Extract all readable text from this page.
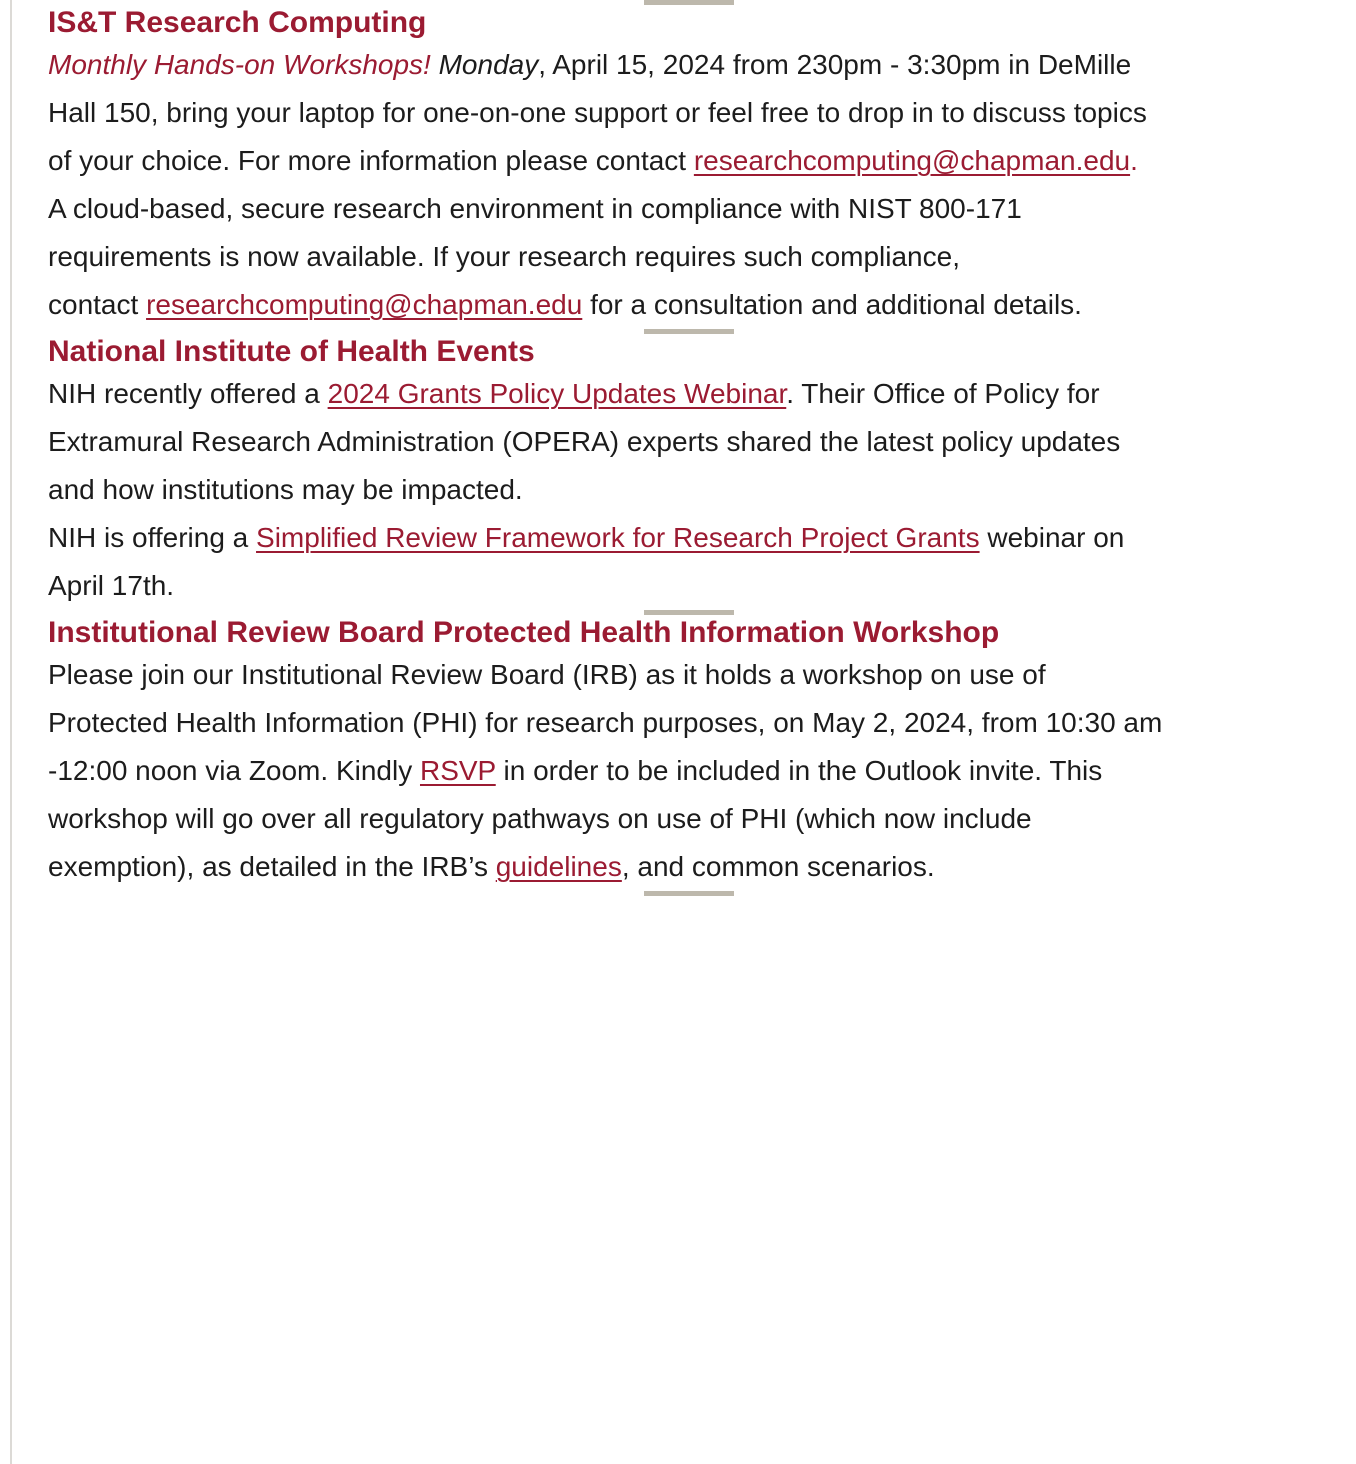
IS&T Research Computing

Monthly Hands-on Workshops! Monday, April 15, 2024 from 230pm - 3:30pm in DeMille
Hall 150, bring your laptop for one-on-one support or feel free to drop in to discuss topics
of your choice. For more information please contact researchcomputing@chapman.edu.

A cloud-based, secure research environment in compliance with NIST 800-171
requirements is now available. If your research requires such compliance,
contact researchcomputing@chapman.edu for a consultation and additional details.

National Institute of Health Events

NIH recently offered a 2024 Grants Policy Updates Webinar. Their Office of Policy for
Extramural Research Administration (OPERA) experts shared the latest policy updates
and how institutions may be impacted.

NIH is offering a Simplified Review Framework for Research Project Grants webinar on
April 17th.

Institutional Review Board Protected Health Information Workshop

Please join our Institutional Review Board (IRB) as it holds a workshop on use of
Protected Health Information (PHI) for research purposes, on May 2, 2024, from 10:30 am
-12:00 noon via Zoom. Kindly RSVP in order to be included in the Outlook invite. This
workshop will go over all regulatory pathways on use of PHI (which now include
exemption), as detailed in the IRB’s guidelines, and common scenarios.
